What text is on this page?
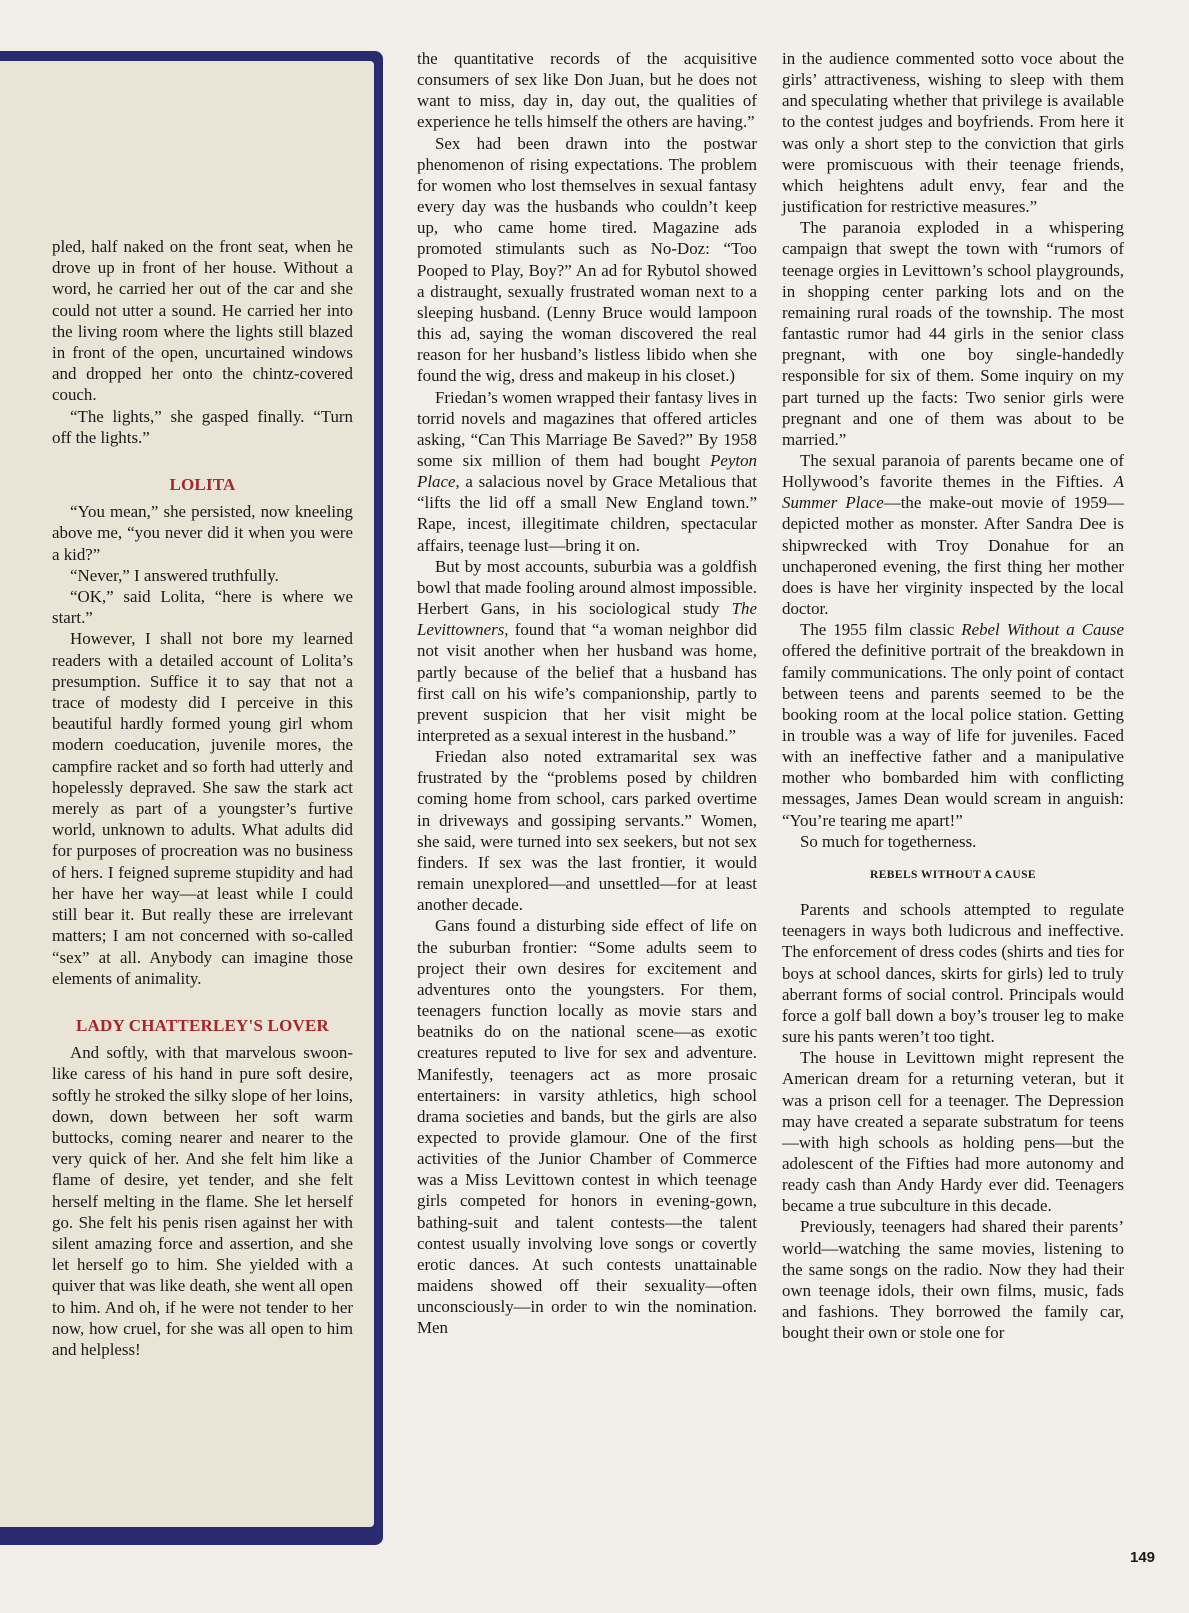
pled, half naked on the front seat, when he drove up in front of her house. Without a word, he carried her out of the car and she could not utter a sound. He carried her into the living room where the lights still blazed in front of the open, uncurtained windows and dropped her onto the chintz-covered couch.

“The lights,” she gasped finally. “Turn off the lights.”

LOLITA

“You mean,” she persisted, now kneeling above me, “you never did it when you were a kid?”

“Never,” I answered truthfully.

“OK,” said Lolita, “here is where we start.”

However, I shall not bore my learned readers with a detailed account of Lolita’s presumption. Suffice it to say that not a trace of modesty did I perceive in this beautiful hardly formed young girl whom modern coeducation, juvenile mores, the campfire racket and so forth had utterly and hopelessly depraved. She saw the stark act merely as part of a youngster’s furtive world, unknown to adults. What adults did for purposes of procreation was no business of hers. I feigned supreme stupidity and had her have her way—at least while I could still bear it. But really these are irrelevant matters; I am not concerned with so-called “sex” at all. Anybody can imagine those elements of animality.

LADY CHATTERLEY'S LOVER

And softly, with that marvelous swoon-like caress of his hand in pure soft desire, softly he stroked the silky slope of her loins, down, down between her soft warm buttocks, coming nearer and nearer to the very quick of her. And she felt him like a flame of desire, yet tender, and she felt herself melting in the flame. She let herself go. She felt his penis risen against her with silent amazing force and assertion, and she let herself go to him. She yielded with a quiver that was like death, she went all open to him. And oh, if he were not tender to her now, how cruel, for she was all open to him and helpless!

the quantitative records of the acquisitive consumers of sex like Don Juan, but he does not want to miss, day in, day out, the qualities of experience he tells himself the others are having.”

Sex had been drawn into the postwar phenomenon of rising expectations. The problem for women who lost themselves in sexual fantasy every day was the husbands who couldn’t keep up, who came home tired. Magazine ads promoted stimulants such as No-Doz: “Too Pooped to Play, Boy?” An ad for Rybutol showed a distraught, sexually frustrated woman next to a sleeping husband. (Lenny Bruce would lampoon this ad, saying the woman discovered the real reason for her husband’s listless libido when she found the wig, dress and makeup in his closet.)

Friedan’s women wrapped their fantasy lives in torrid novels and magazines that offered articles asking, “Can This Marriage Be Saved?” By 1958 some six million of them had bought Peyton Place, a salacious novel by Grace Metalious that “lifts the lid off a small New England town.” Rape, incest, illegitimate children, spectacular affairs, teenage lust—bring it on.

But by most accounts, suburbia was a goldfish bowl that made fooling around almost impossible. Herbert Gans, in his sociological study The Levittowners, found that “a woman neighbor did not visit another when her husband was home, partly because of the belief that a husband has first call on his wife’s companionship, partly to prevent suspicion that her visit might be interpreted as a sexual interest in the husband.”

Friedan also noted extramarital sex was frustrated by the “problems posed by children coming home from school, cars parked overtime in driveways and gossiping servants.” Women, she said, were turned into sex seekers, but not sex finders. If sex was the last frontier, it would remain unexplored—and unsettled—for at least another decade.

Gans found a disturbing side effect of life on the suburban frontier: “Some adults seem to project their own desires for excitement and adventures onto the youngsters. For them, teenagers function locally as movie stars and beatniks do on the national scene—as exotic creatures reputed to live for sex and adventure. Manifestly, teenagers act as more prosaic entertainers: in varsity athletics, high school drama societies and bands, but the girls are also expected to provide glamour. One of the first activities of the Junior Chamber of Commerce was a Miss Levittown contest in which teenage girls competed for honors in evening-gown, bathing-suit and talent contests—the talent contest usually involving love songs or covertly erotic dances. At such contests unattainable maidens showed off their sexuality—often unconsciously—in order to win the nomination. Men

in the audience commented sotto voce about the girls’ attractiveness, wishing to sleep with them and speculating whether that privilege is available to the contest judges and boyfriends. From here it was only a short step to the conviction that girls were promiscuous with their teenage friends, which heightens adult envy, fear and the justification for restrictive measures.”

The paranoia exploded in a whispering campaign that swept the town with “rumors of teenage orgies in Levittown’s school playgrounds, in shopping center parking lots and on the remaining rural roads of the township. The most fantastic rumor had 44 girls in the senior class pregnant, with one boy single-handedly responsible for six of them. Some inquiry on my part turned up the facts: Two senior girls were pregnant and one of them was about to be married.”

The sexual paranoia of parents became one of Hollywood’s favorite themes in the Fifties. A Summer Place—the make-out movie of 1959—depicted mother as monster. After Sandra Dee is shipwrecked with Troy Donahue for an unchaperoned evening, the first thing her mother does is have her virginity inspected by the local doctor.

The 1955 film classic Rebel Without a Cause offered the definitive portrait of the breakdown in family communications. The only point of contact between teens and parents seemed to be the booking room at the local police station. Getting in trouble was a way of life for juveniles. Faced with an ineffective father and a manipulative mother who bombarded him with conflicting messages, James Dean would scream in anguish: “You’re tearing me apart!”

So much for togetherness.

REBELS WITHOUT A CAUSE

Parents and schools attempted to regulate teenagers in ways both ludicrous and ineffective. The enforcement of dress codes (shirts and ties for boys at school dances, skirts for girls) led to truly aberrant forms of social control. Principals would force a golf ball down a boy’s trouser leg to make sure his pants weren’t too tight.

The house in Levittown might represent the American dream for a returning veteran, but it was a prison cell for a teenager. The Depression may have created a separate substratum for teens—with high schools as holding pens—but the adolescent of the Fifties had more autonomy and ready cash than Andy Hardy ever did. Teenagers became a true subculture in this decade.

Previously, teenagers had shared their parents’ world—watching the same movies, listening to the same songs on the radio. Now they had their own teenage idols, their own films, music, fads and fashions. They borrowed the family car, bought their own or stole one for

149
